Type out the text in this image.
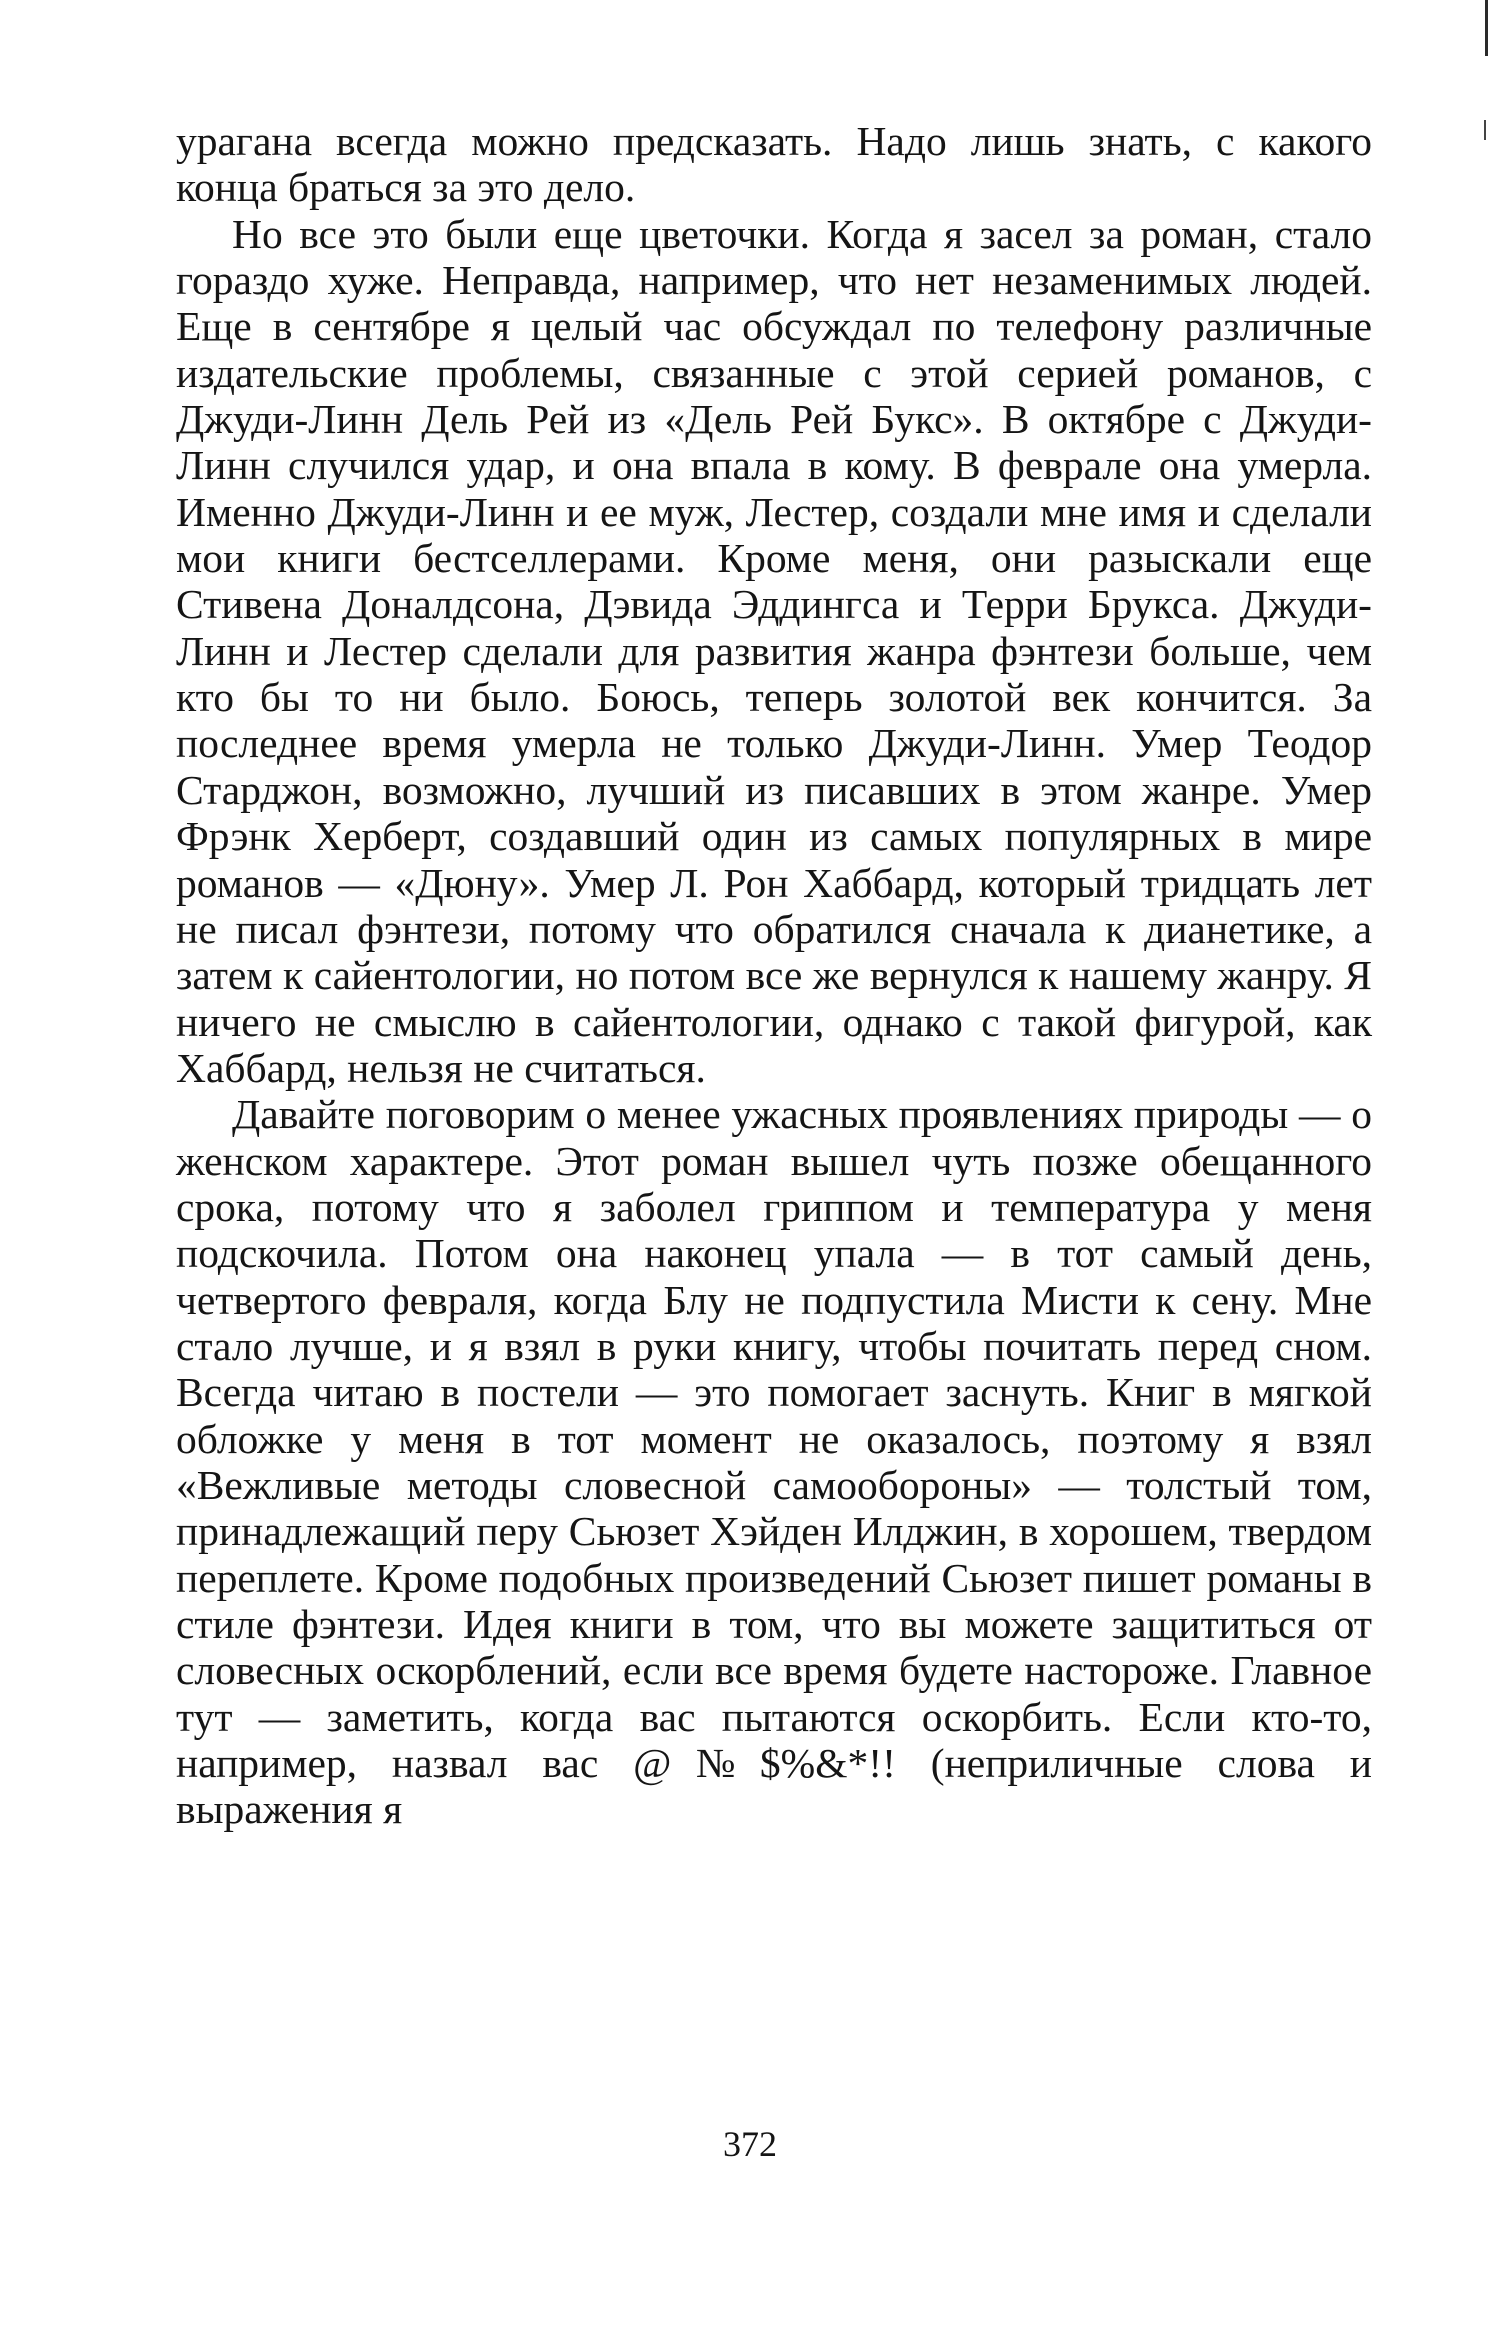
урагана всегда можно предсказать. Надо лишь знать, с какого конца браться за это дело.

Но все это были еще цветочки. Когда я засел за роман, стало гораздо хуже. Неправда, например, что нет незаменимых людей. Еще в сентябре я целый час обсуждал по телефону различные издательские проблемы, связанные с этой серией романов, с Джуди-Линн Дель Рей из «Дель Рей Букс». В октябре с Джуди-Линн случился удар, и она впала в кому. В феврале она умерла. Именно Джуди-Линн и ее муж, Лестер, создали мне имя и сделали мои книги бестселлерами. Кроме меня, они разыскали еще Стивена Доналдсона, Дэвида Эддингса и Терри Брукса. Джуди-Линн и Лестер сделали для развития жанра фэнтези больше, чем кто бы то ни было. Боюсь, теперь золотой век кончится. За последнее время умерла не только Джуди-Линн. Умер Теодор Старджон, возможно, лучший из писавших в этом жанре. Умер Фрэнк Херберт, создавший один из самых популярных в мире романов — «Дюну». Умер Л. Рон Хаббард, который тридцать лет не писал фэнтези, потому что обратился сначала к дианетике, а затем к сайентологии, но потом все же вернулся к нашему жанру. Я ничего не смыслю в сайентологии, однако с такой фигурой, как Хаббард, нельзя не считаться.

Давайте поговорим о менее ужасных проявлениях природы — о женском характере. Этот роман вышел чуть позже обещанного срока, потому что я заболел гриппом и температура у меня подскочила. Потом она наконец упала — в тот самый день, четвертого февраля, когда Блу не подпустила Мисти к сену. Мне стало лучше, и я взял в руки книгу, чтобы почитать перед сном. Всегда читаю в постели — это помогает заснуть. Книг в мягкой обложке у меня в тот момент не оказалось, поэтому я взял «Вежливые методы словесной самообороны» — толстый том, принадлежащий перу Сьюзет Хэйден Илджин, в хорошем, твердом переплете. Кроме подобных произведений Сьюзет пишет романы в стиле фэнтези. Идея книги в том, что вы можете защититься от словесных оскорблений, если все время будете настороже. Главное тут — заметить, когда вас пытаются оскорбить. Если кто-то, например, назвал вас @№$%&*!! (неприличные слова и выражения я

372
